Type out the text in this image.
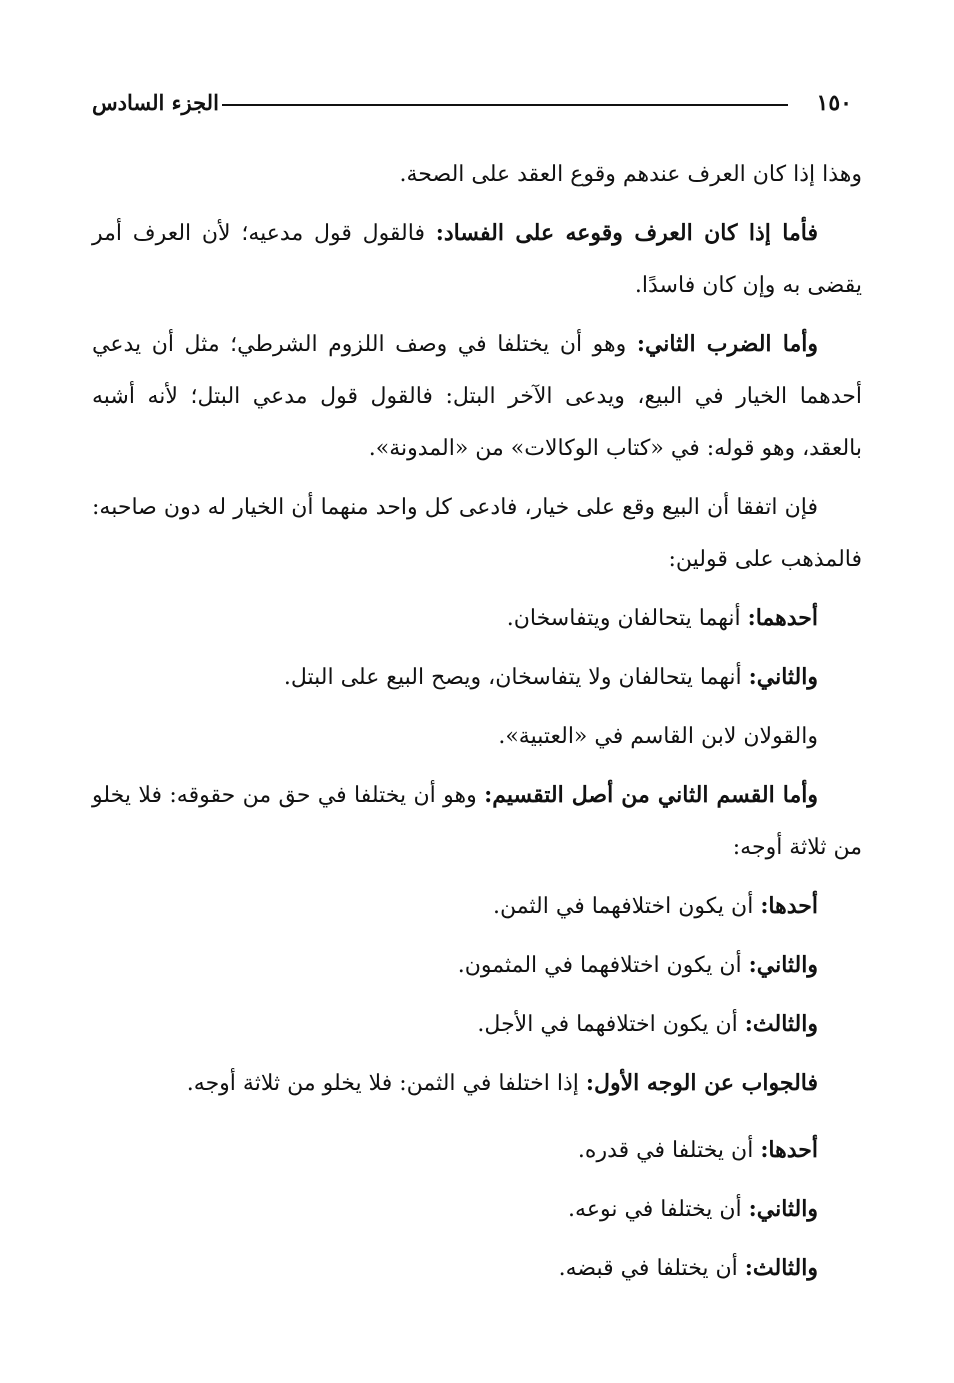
١٥٠
الجزء السادس

وهذا إذا كان العرف عندهم وقوع العقد على الصحة.

فأما إذا كان العرف وقوعه على الفساد: فالقول قول مدعيه؛ لأن العرف أمر يقضى به وإن كان فاسدًا.

وأما الضرب الثاني: وهو أن يختلفا في وصف اللزوم الشرطي؛ مثل أن يدعي أحدهما الخيار في البيع، ويدعى الآخر البتل: فالقول قول مدعي البتل؛ لأنه أشبه بالعقد، وهو قوله: في «كتاب الوكالات» من «المدونة».

فإن اتفقا أن البيع وقع على خيار، فادعى كل واحد منهما أن الخيار له دون صاحبه: فالمذهب على قولين:

أحدهما: أنهما يتحالفان ويتفاسخان.

والثاني: أنهما يتحالفان ولا يتفاسخان، ويصح البيع على البتل.

والقولان لابن القاسم في «العتبية».

وأما القسم الثاني من أصل التقسيم: وهو أن يختلفا في حق من حقوقه: فلا يخلو من ثلاثة أوجه:

أحدها: أن يكون اختلافهما في الثمن.

والثاني: أن يكون اختلافهما في المثمون.

والثالث: أن يكون اختلافهما في الأجل.

فالجواب عن الوجه الأول: إذا اختلفا في الثمن: فلا يخلو من ثلاثة أوجه.

أحدها: أن يختلفا في قدره.

والثاني: أن يختلفا في نوعه.

والثالث: أن يختلفا في قبضه.
